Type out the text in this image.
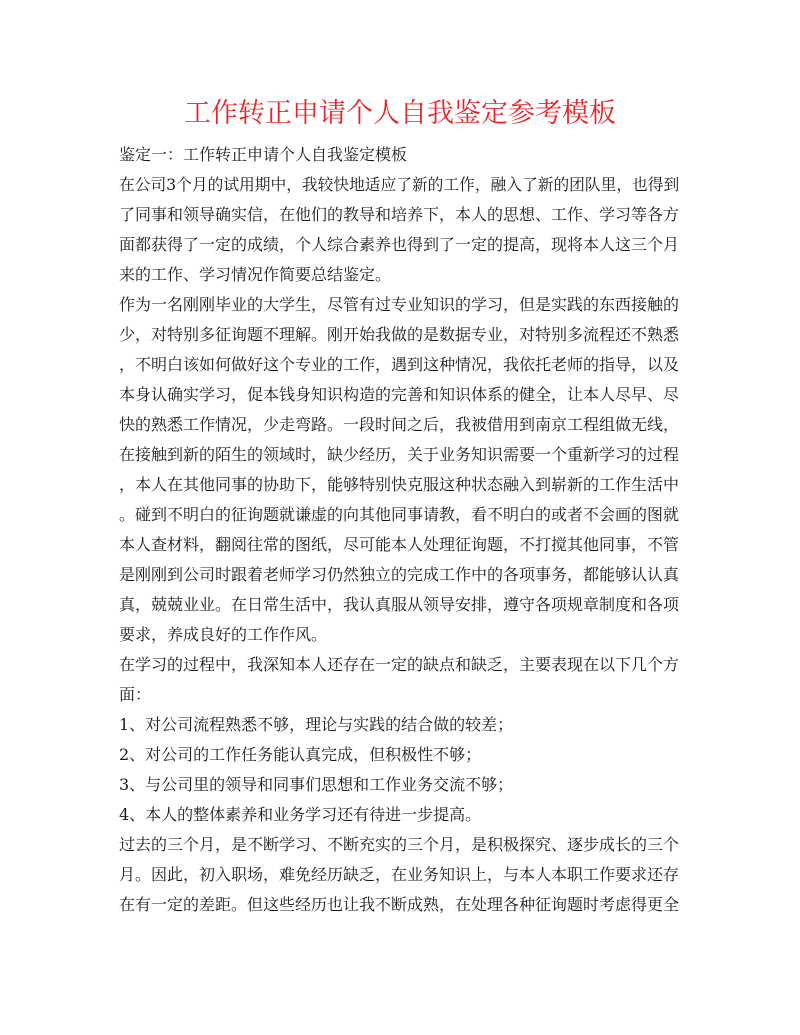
工作转正申请个人自我鉴定参考模板
鉴定一：工作转正申请个人自我鉴定模板
在公司3个月的试用期中，我较快地适应了新的工作，融入了新的团队里，也得到
了同事和领导确实信，在他们的教导和培养下，本人的思想、工作、学习等各方
面都获得了一定的成绩，个人综合素养也得到了一定的提高，现将本人这三个月
来的工作、学习情况作简要总结鉴定。
作为一名刚刚毕业的大学生，尽管有过专业知识的学习，但是实践的东西接触的
少，对特别多征询题不理解。刚开始我做的是数据专业，对特别多流程还不熟悉
，不明白该如何做好这个专业的工作，遇到这种情况，我依托老师的指导，以及
本身认确实学习，促本钱身知识构造的完善和知识体系的健全，让本人尽早、尽
快的熟悉工作情况，少走弯路。一段时间之后，我被借用到南京工程组做无线，
在接触到新的陌生的领域时，缺少经历，关于业务知识需要一个重新学习的过程
，本人在其他同事的协助下，能够特别快克服这种状态融入到崭新的工作生活中
。碰到不明白的征询题就谦虚的向其他同事请教，看不明白的或者不会画的图就
本人查材料，翻阅往常的图纸，尽可能本人处理征询题，不打搅其他同事，不管
是刚刚到公司时跟着老师学习仍然独立的完成工作中的各项事务，都能够认认真
真，兢兢业业。在日常生活中，我认真服从领导安排，遵守各项规章制度和各项
要求，养成良好的工作作风。
在学习的过程中，我深知本人还存在一定的缺点和缺乏，主要表现在以下几个方
面：
1、对公司流程熟悉不够，理论与实践的结合做的较差；
2、对公司的工作任务能认真完成，但积极性不够；
3、与公司里的领导和同事们思想和工作业务交流不够；
4、本人的整体素养和业务学习还有待进一步提高。
过去的三个月，是不断学习、不断充实的三个月，是积极探究、逐步成长的三个
月。因此，初入职场，难免经历缺乏，在业务知识上，与本人本职工作要求还存
在有一定的差距。但这些经历也让我不断成熟，在处理各种征询题时考虑得更全
